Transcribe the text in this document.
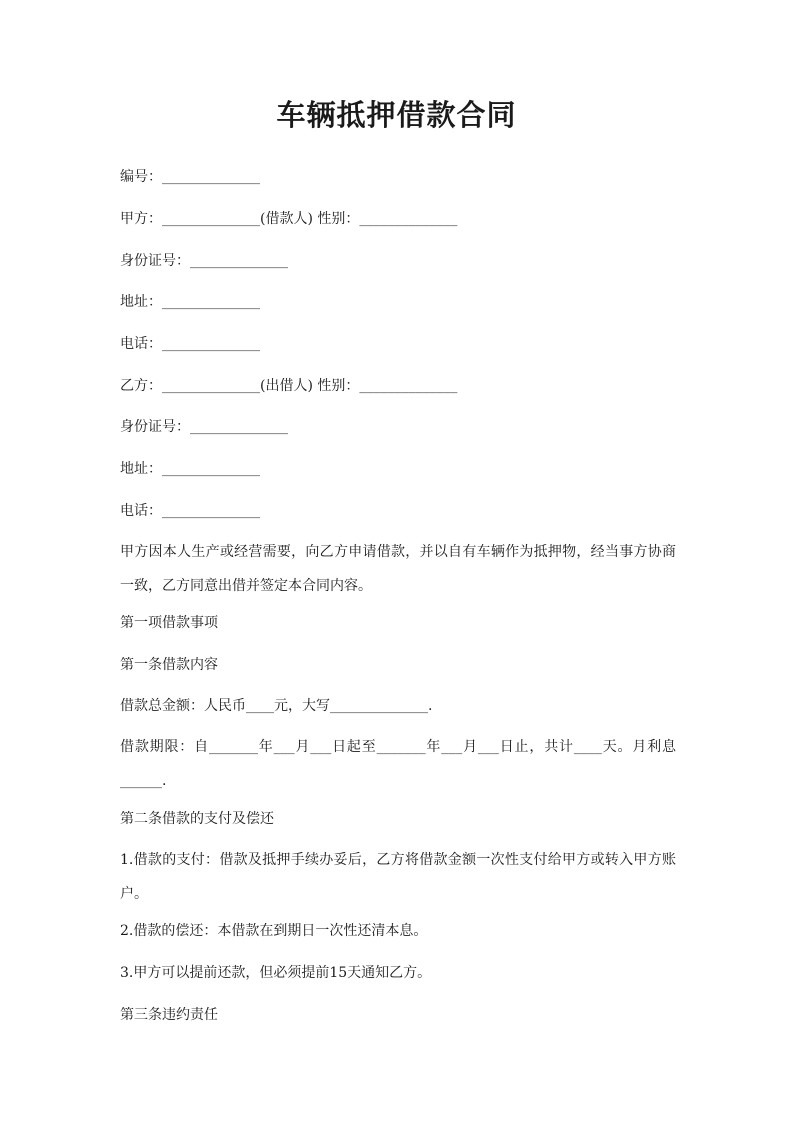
车辆抵押借款合同
编号：______________
甲方：______________(借款人) 性别：______________
身份证号：______________
地址：______________
电话：______________
乙方：______________(出借人) 性别：______________
身份证号：______________
地址：______________
电话：______________
甲方因本人生产或经营需要，向乙方申请借款，并以自有车辆作为抵押物，经当事方协商一致，乙方同意出借并签定本合同内容。
第一项借款事项
第一条借款内容
借款总金额：人民币____元，大写______________.
借款期限：自_______年___月___日起至_______年___月___日止，共计____天。月利息______.
第二条借款的支付及偿还
1.借款的支付：借款及抵押手续办妥后，乙方将借款金额一次性支付给甲方或转入甲方账户。
2.借款的偿还：本借款在到期日一次性还清本息。
3.甲方可以提前还款，但必须提前15天通知乙方。
第三条违约责任
